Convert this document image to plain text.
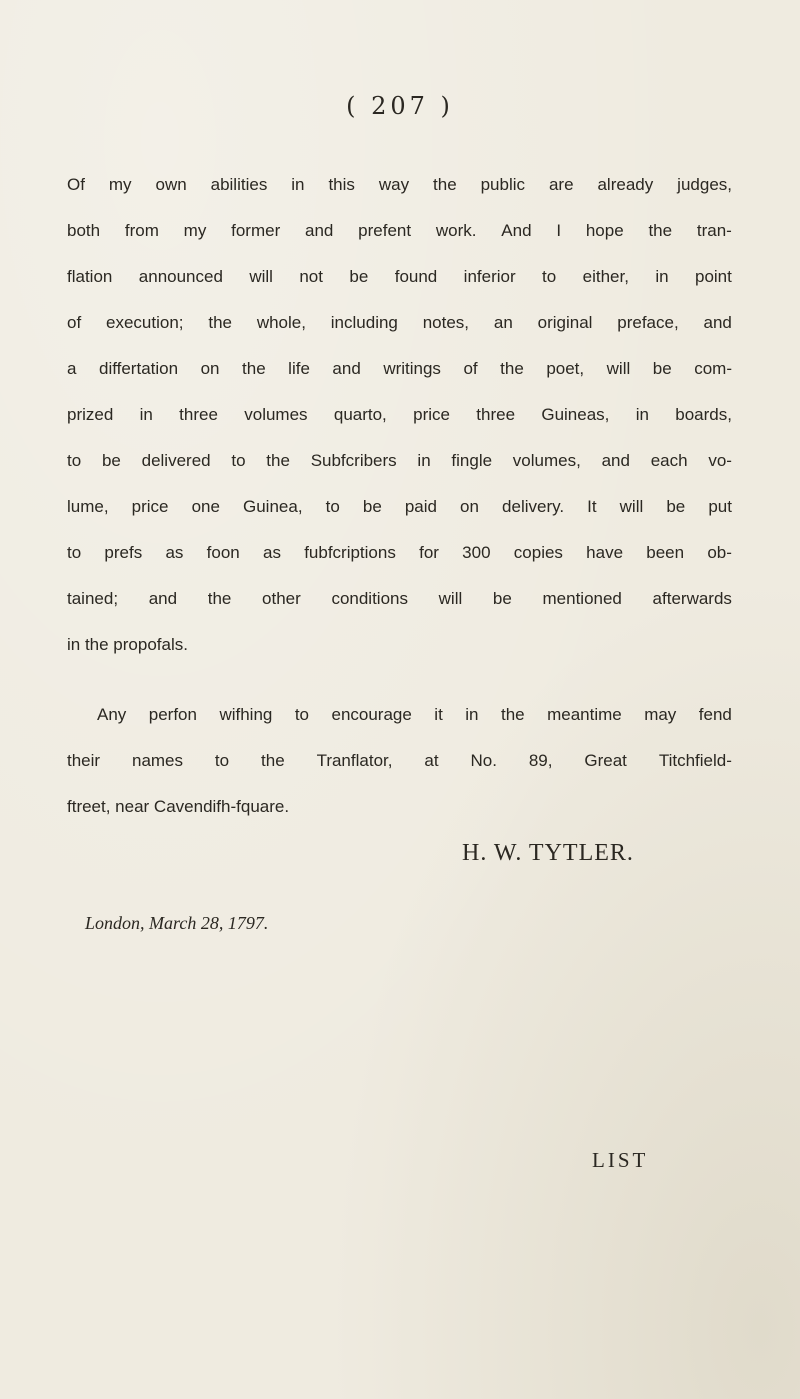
( 207 )
Of my own abilities in this way the public are already judges,
both from my former and prefent work. And I hope the tran-
flation announced will not be found inferior to either, in point
of execution; the whole, including notes, an original preface, and
a differtation on the life and writings of the poet, will be com-
prized in three volumes quarto, price three Guineas, in boards,
to be delivered to the Subfcribers in fingle volumes, and each vo-
lume, price one Guinea, to be paid on delivery. It will be put
to prefs as foon as fubfcriptions for 300 copies have been ob-
tained; and the other conditions will be mentioned afterwards
in the propofals.
Any perfon wifhing to encourage it in the meantime may fend
their names to the Tranflator, at No. 89, Great Titchfield-
ftreet, near Cavendifh-fquare.
H. W. TYTLER.
London, March 28, 1797.
LIST
